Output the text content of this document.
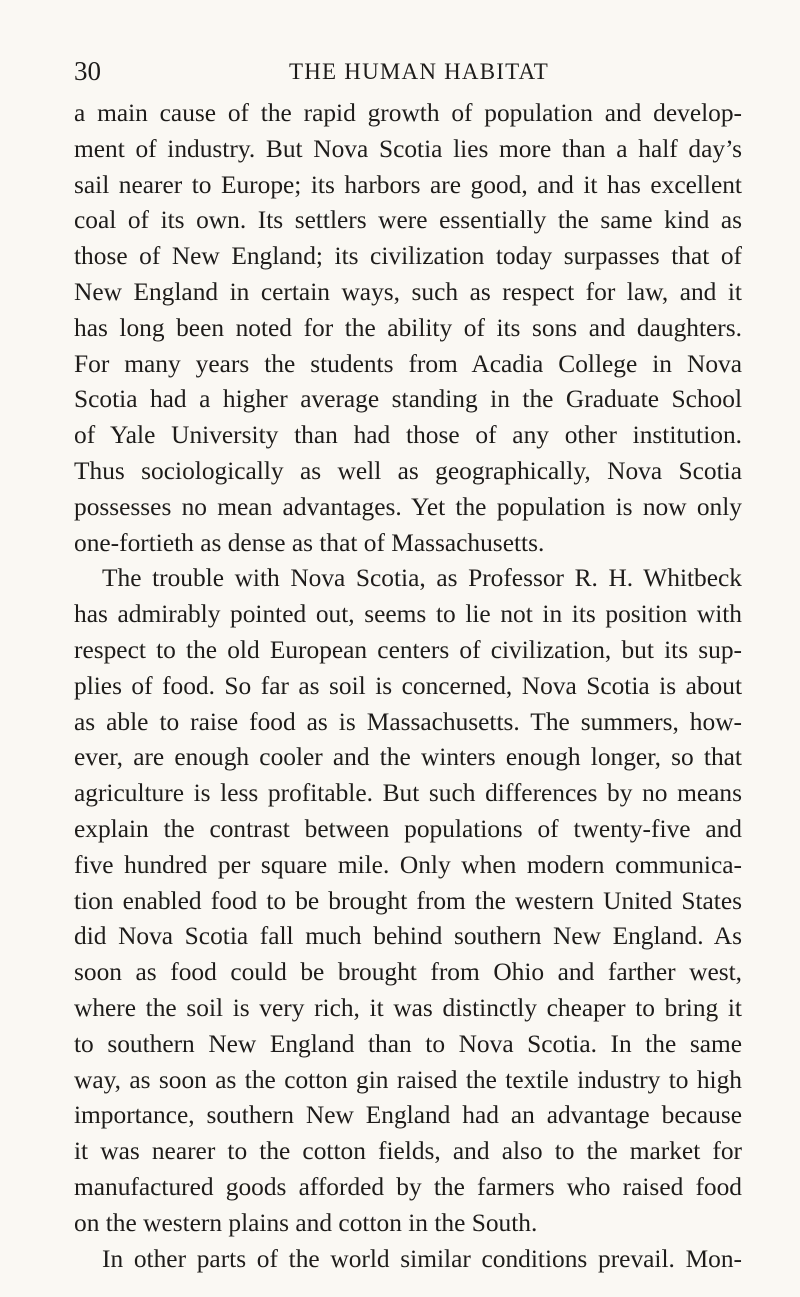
30	THE HUMAN HABITAT
a main cause of the rapid growth of population and develop-
ment of industry. But Nova Scotia lies more than a half day’s
sail nearer to Europe; its harbors are good, and it has excellent
coal of its own. Its settlers were essentially the same kind as
those of New England; its civilization today surpasses that of
New England in certain ways, such as respect for law, and it
has long been noted for the ability of its sons and daughters.
For many years the students from Acadia College in Nova
Scotia had a higher average standing in the Graduate School
of Yale University than had those of any other institution.
Thus sociologically as well as geographically, Nova Scotia
possesses no mean advantages. Yet the population is now only
one-fortieth as dense as that of Massachusetts.
The trouble with Nova Scotia, as Professor R. H. Whitbeck
has admirably pointed out, seems to lie not in its position with
respect to the old European centers of civilization, but its sup-
plies of food. So far as soil is concerned, Nova Scotia is about
as able to raise food as is Massachusetts. The summers, how-
ever, are enough cooler and the winters enough longer, so that
agriculture is less profitable. But such differences by no means
explain the contrast between populations of twenty-five and
five hundred per square mile. Only when modern communica-
tion enabled food to be brought from the western United States
did Nova Scotia fall much behind southern New England. As
soon as food could be brought from Ohio and farther west,
where the soil is very rich, it was distinctly cheaper to bring it
to southern New England than to Nova Scotia. In the same
way, as soon as the cotton gin raised the textile industry to high
importance, southern New England had an advantage because
it was nearer to the cotton fields, and also to the market for
manufactured goods afforded by the farmers who raised food
on the western plains and cotton in the South.
In other parts of the world similar conditions prevail. Mon-
